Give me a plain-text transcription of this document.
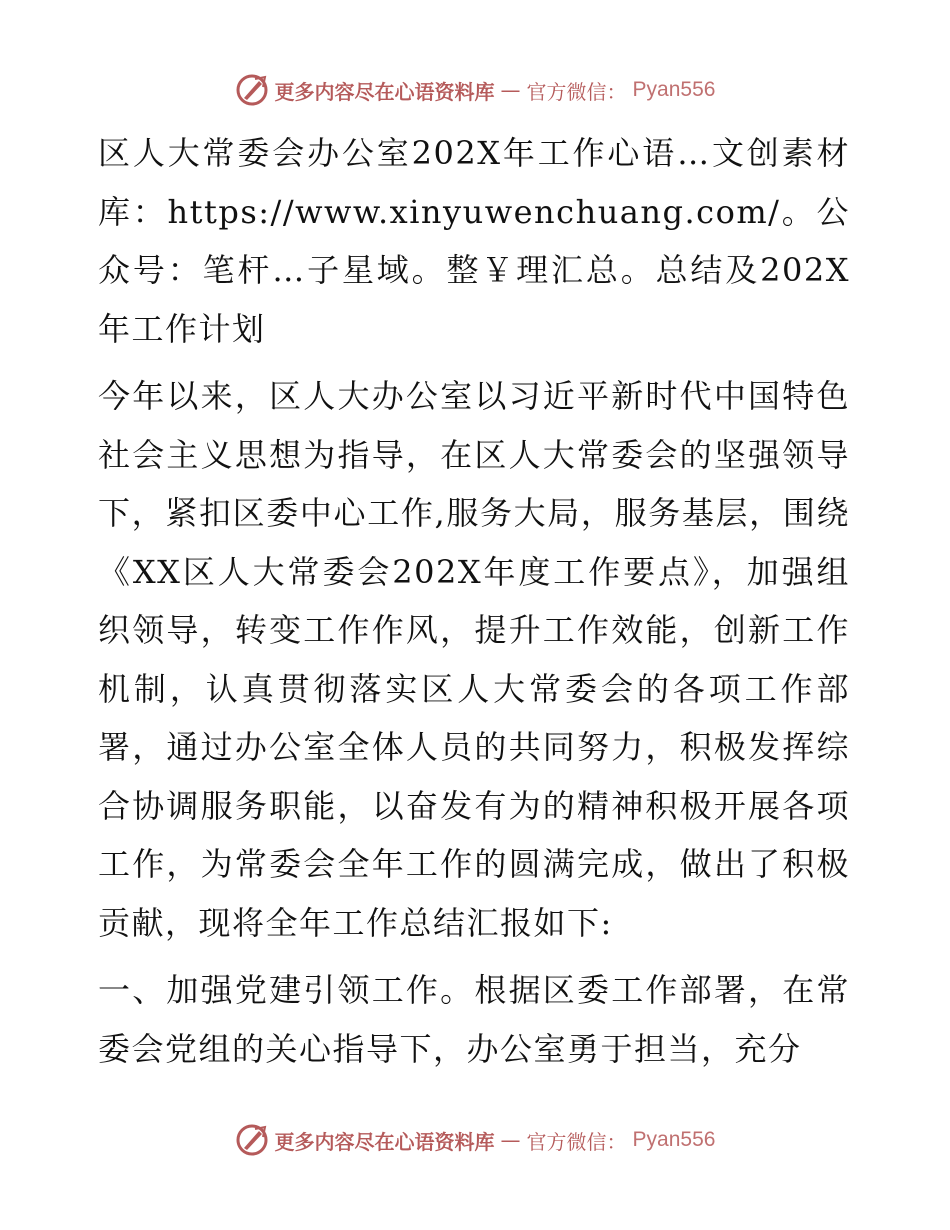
更多内容尽在心语资料库 — 官方微信： Pyan556

区人大常委会办公室202X年工作心语…文创素材库：https://www.xinyuwenchuang.com/。公众号：笔杆…子星域。整￥理汇总。总结及202X年工作计划

今年以来，区人大办公室以习近平新时代中国特色社会主义思想为指导，在区人大常委会的坚强领导下，紧扣区委中心工作,服务大局，服务基层，围绕《XX区人大常委会202X年度工作要点》，加强组织领导，转变工作作风，提升工作效能，创新工作机制，认真贯彻落实区人大常委会的各项工作部署，通过办公室全体人员的共同努力，积极发挥综合协调服务职能，以奋发有为的精神积极开展各项工作，为常委会全年工作的圆满完成，做出了积极贡献，现将全年工作总结汇报如下:

一、加强党建引领工作。根据区委工作部署，在常委会党组的关心指导下，办公室勇于担当，充分

更多内容尽在心语资料库 — 官方微信： Pyan556
